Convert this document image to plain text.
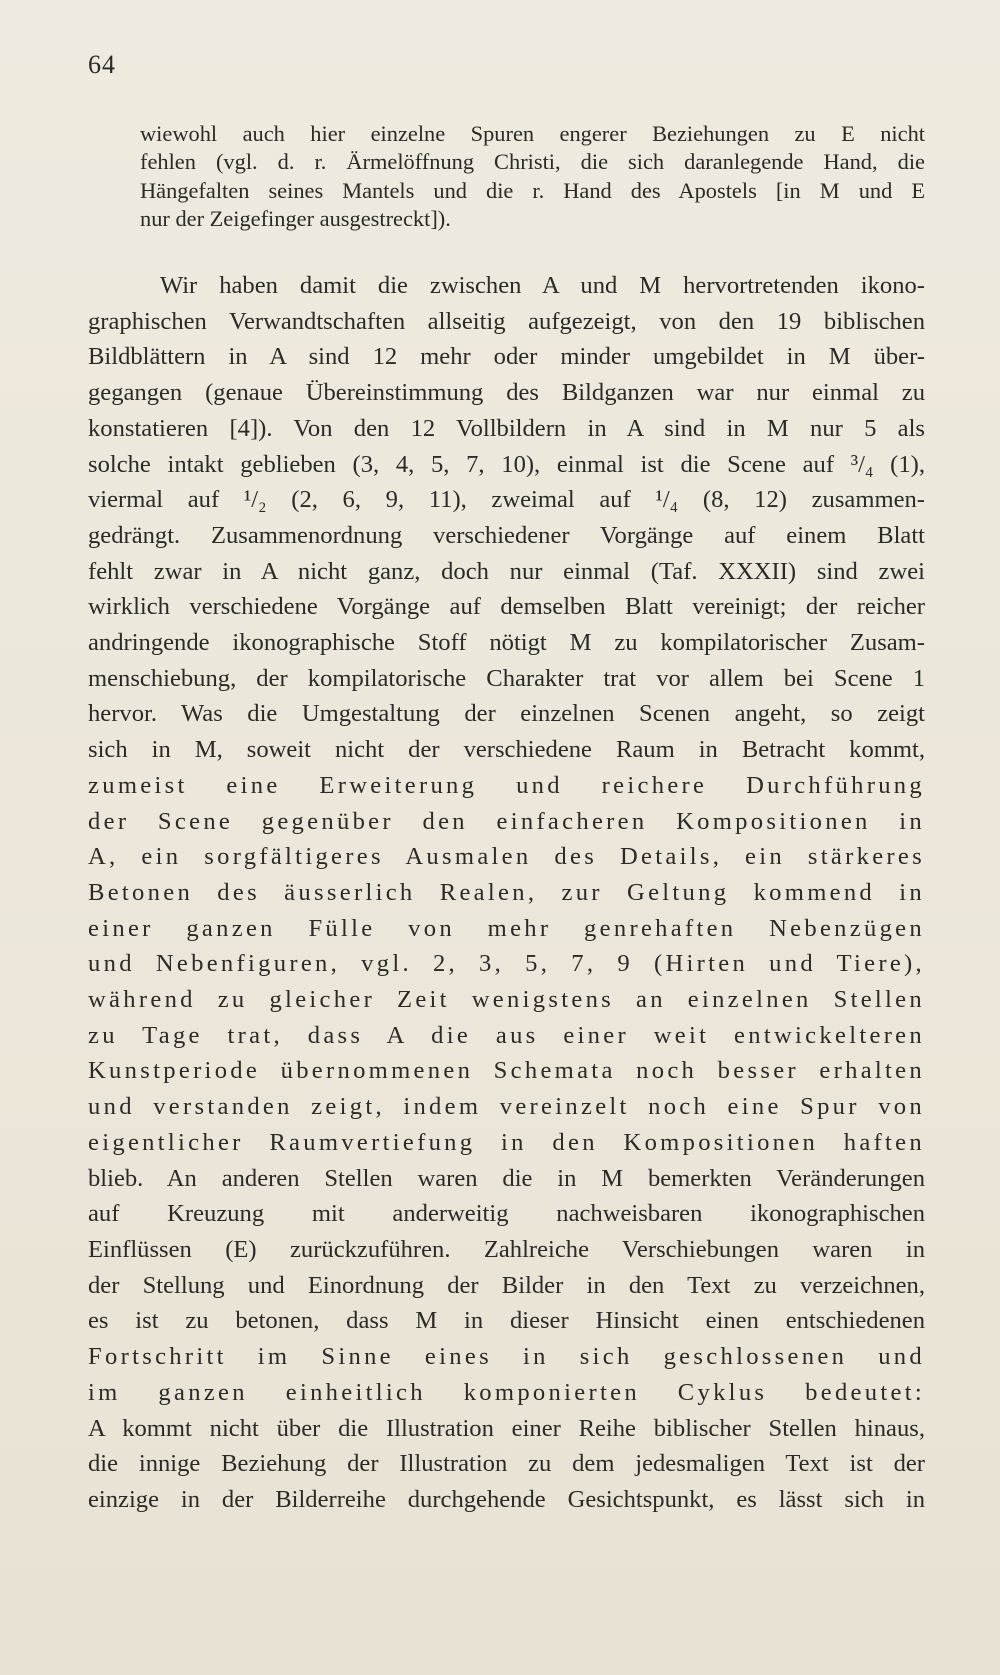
64
wiewohl auch hier einzelne Spuren engerer Beziehungen zu E nicht
fehlen (vgl. d. r. Ärmelöffnung Christi, die sich daranlegende Hand, die
Hängefalten seines Mantels und die r. Hand des Apostels [in M und E
nur der Zeigefinger ausgestreckt]).
Wir haben damit die zwischen A und M hervortretenden ikono-
graphischen Verwandtschaften allseitig aufgezeigt, von den 19 biblischen
Bildblättern in A sind 12 mehr oder minder umgebildet in M über-
gegangen (genaue Übereinstimmung des Bildganzen war nur einmal zu
konstatieren [4]). Von den 12 Vollbildern in A sind in M nur 5 als
solche intakt geblieben (3, 4, 5, 7, 10), einmal ist die Scene auf ³/₄ (1),
viermal auf ¹/₂ (2, 6, 9, 11), zweimal auf ¹/₄ (8, 12) zusammen-
gedrängt. Zusammenordnung verschiedener Vorgänge auf einem Blatt
fehlt zwar in A nicht ganz, doch nur einmal (Taf. XXXII) sind zwei
wirklich verschiedene Vorgänge auf demselben Blatt vereinigt; der reicher
andringende ikonographische Stoff nötigt M zu kompilatorischer Zusam-
menschiebung, der kompilatorische Charakter trat vor allem bei Scene 1
hervor. Was die Umgestaltung der einzelnen Scenen angeht, so zeigt
sich in M, soweit nicht der verschiedene Raum in Betracht kommt,
zumeist eine Erweiterung und reichere Durchführung
der Scene gegenüber den einfacheren Kompositionen in
A, ein sorgfältigeres Ausmalen des Details, ein stärkeres
Betonen des äusserlich Realen, zur Geltung kommend in
einer ganzen Fülle von mehr genrehaften Nebenzügen
und Nebenfiguren, vgl. 2, 3, 5, 7, 9 (Hirten und Tiere),
während zu gleicher Zeit wenigstens an einzelnen Stellen
zu Tage trat, dass A die aus einer weit entwickelteren
Kunstperiode übernommenen Schemata noch besser erhalten
und verstanden zeigt, indem vereinzelt noch eine Spur von
eigentlicher Raumvertiefung in den Kompositionen haften
blieb. An anderen Stellen waren die in M bemerkten Veränderungen
auf Kreuzung mit anderweitig nachweisbaren ikonographischen
Einflüssen (E) zurückzuführen. Zahlreiche Verschiebungen waren in
der Stellung und Einordnung der Bilder in den Text zu verzeichnen,
es ist zu betonen, dass M in dieser Hinsicht einen entschiedenen
Fortschritt im Sinne eines in sich geschlossenen und
im ganzen einheitlich komponierten Cyklus bedeutet:
A kommt nicht über die Illustration einer Reihe biblischer Stellen hinaus,
die innige Beziehung der Illustration zu dem jedesmaligen Text ist der
einzige in der Bilderreihe durchgehende Gesichtspunkt, es lässt sich in
